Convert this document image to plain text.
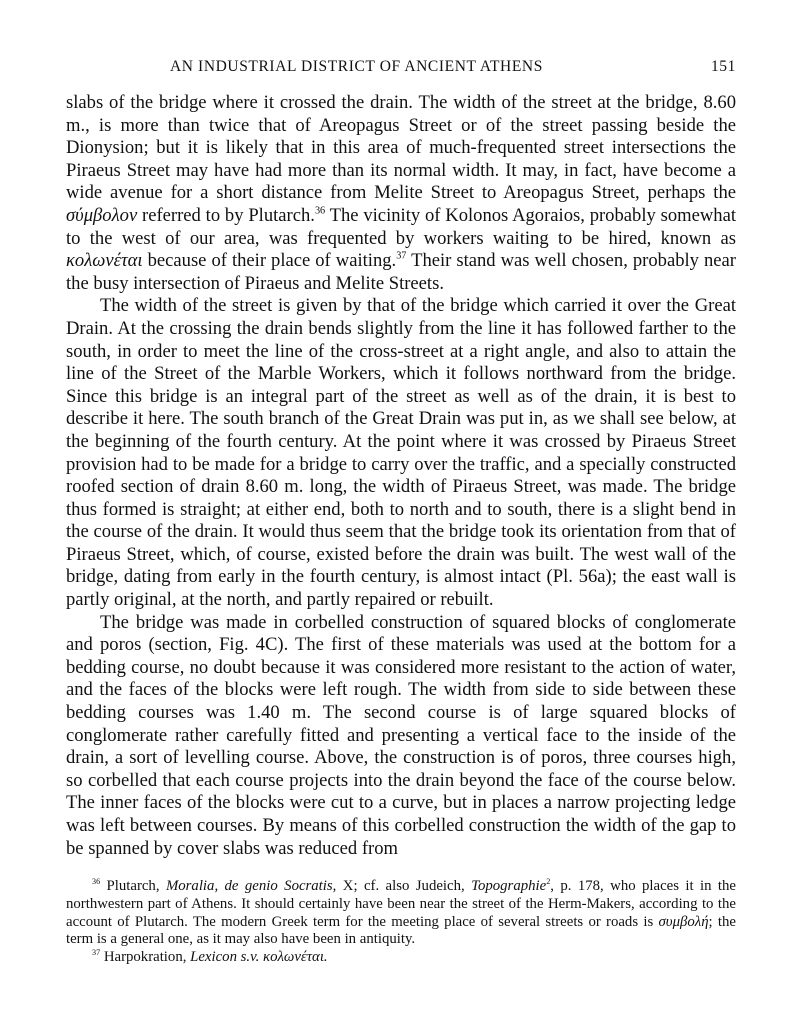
AN INDUSTRIAL DISTRICT OF ANCIENT ATHENS	151

slabs of the bridge where it crossed the drain. The width of the street at the bridge, 8.60 m., is more than twice that of Areopagus Street or of the street passing beside the Dionysion; but it is likely that in this area of much-frequented street intersections the Piraeus Street may have had more than its normal width. It may, in fact, have become a wide avenue for a short distance from Melite Street to Areopagus Street, perhaps the σύμβολον referred to by Plutarch.$^{36}$ The vicinity of Kolonos Agoraios, probably somewhat to the west of our area, was frequented by workers waiting to be hired, known as κολωνέται because of their place of waiting.$^{37}$ Their stand was well chosen, probably near the busy intersection of Piraeus and Melite Streets.

The width of the street is given by that of the bridge which carried it over the Great Drain. At the crossing the drain bends slightly from the line it has followed farther to the south, in order to meet the line of the cross-street at a right angle, and also to attain the line of the Street of the Marble Workers, which it follows northward from the bridge. Since this bridge is an integral part of the street as well as of the drain, it is best to describe it here. The south branch of the Great Drain was put in, as we shall see below, at the beginning of the fourth century. At the point where it was crossed by Piraeus Street provision had to be made for a bridge to carry over the traffic, and a specially constructed roofed section of drain 8.60 m. long, the width of Piraeus Street, was made. The bridge thus formed is straight; at either end, both to north and to south, there is a slight bend in the course of the drain. It would thus seem that the bridge took its orientation from that of Piraeus Street, which, of course, existed before the drain was built. The west wall of the bridge, dating from early in the fourth century, is almost intact (Pl. 56a); the east wall is partly original, at the north, and partly repaired or rebuilt.

The bridge was made in corbelled construction of squared blocks of conglomerate and poros (section, Fig. 4C). The first of these materials was used at the bottom for a bedding course, no doubt because it was considered more resistant to the action of water, and the faces of the blocks were left rough. The width from side to side between these bedding courses was 1.40 m. The second course is of large squared blocks of conglomerate rather carefully fitted and presenting a vertical face to the inside of the drain, a sort of levelling course. Above, the construction is of poros, three courses high, so corbelled that each course projects into the drain beyond the face of the course below. The inner faces of the blocks were cut to a curve, but in places a narrow projecting ledge was left between courses. By means of this corbelled construction the width of the gap to be spanned by cover slabs was reduced from

$^{36}$ Plutarch, Moralia, de genio Socratis, X; cf. also Judeich, Topographie$^2$, p. 178, who places it in the northwestern part of Athens. It should certainly have been near the street of the Herm-Makers, according to the account of Plutarch. The modern Greek term for the meeting place of several streets or roads is συμβολή; the term is a general one, as it may also have been in antiquity.

$^{37}$ Harpokration, Lexicon s.v. κολωνέται.
